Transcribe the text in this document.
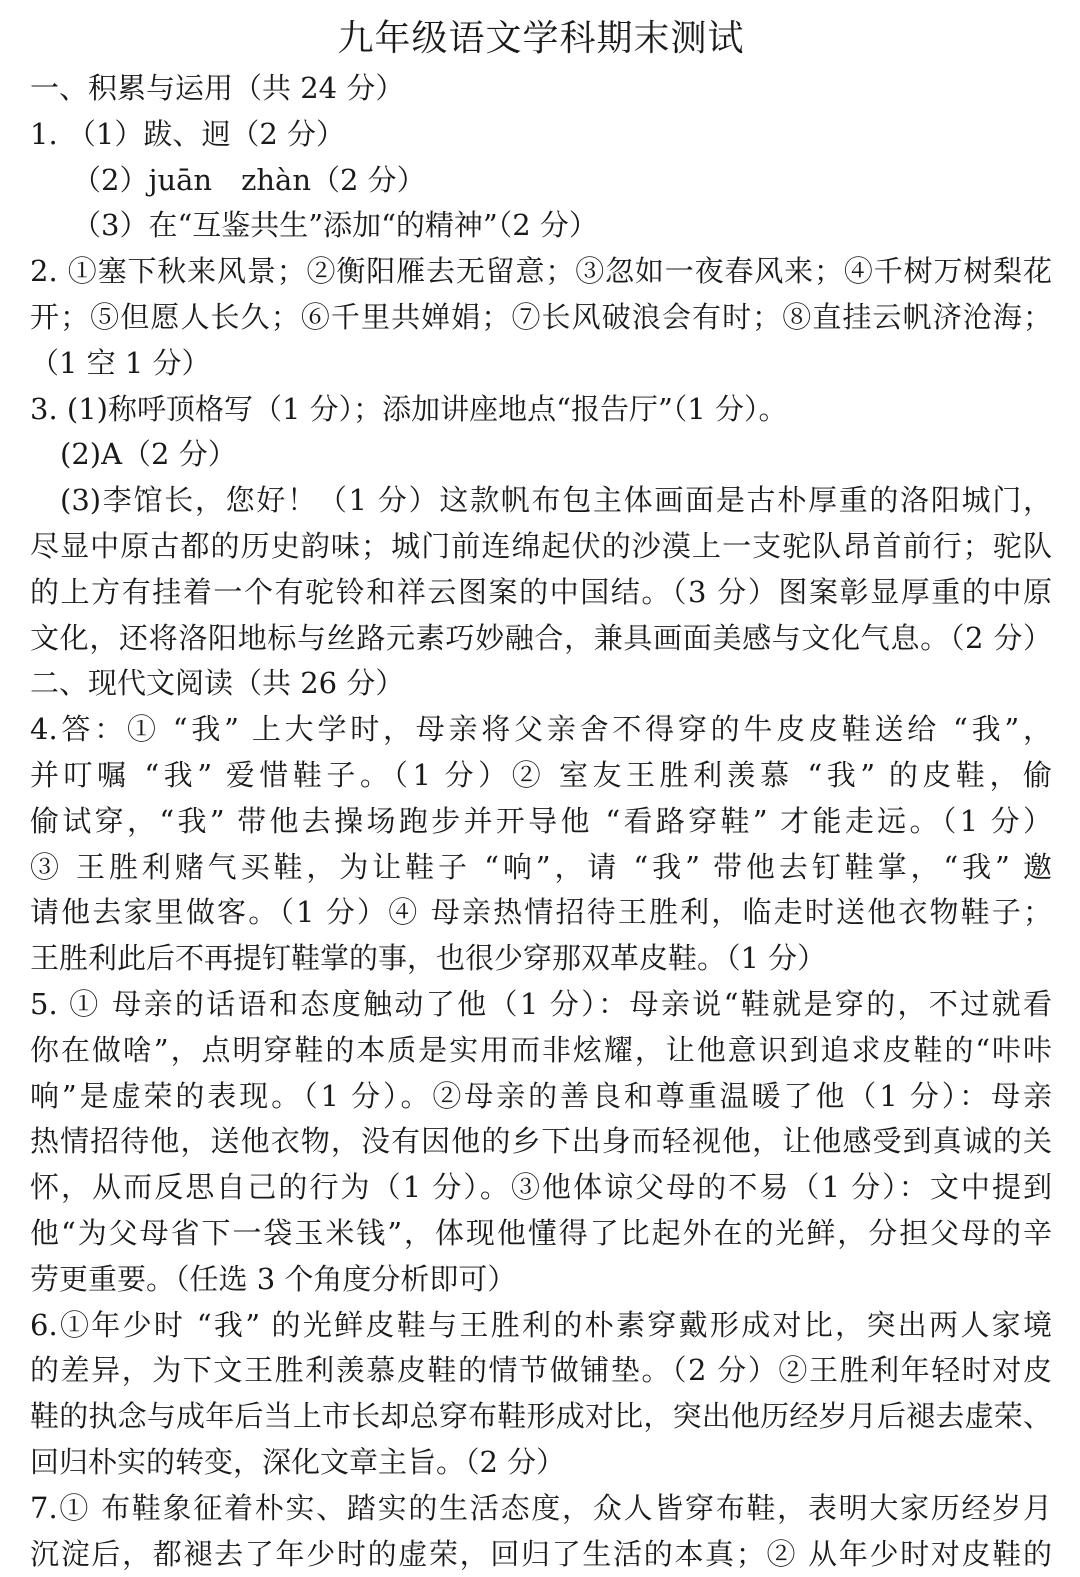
九年级语文学科期末测试
一、积累与运用（共 24 分）
1. （1）跋、迥（2 分）
（2）juān　zhàn（2 分）
（3）在“互鉴共生”添加“的精神”（2 分）
2. ①塞下秋来风景；②衡阳雁去无留意；③忽如一夜春风来；④千树万树梨花
开；⑤但愿人长久；⑥千里共婵娟；⑦长风破浪会有时；⑧直挂云帆济沧海；
（1 空 1 分）
3. (1)称呼顶格写（1 分）；添加讲座地点“报告厅”（1 分）。
(2)A（2 分）
(3)李馆长，您好！（1 分）这款帆布包主体画面是古朴厚重的洛阳城门，
尽显中原古都的历史韵味；城门前连绵起伏的沙漠上一支驼队昂首前行；驼队
的上方有挂着一个有驼铃和祥云图案的中国结。（3 分）图案彰显厚重的中原
文化，还将洛阳地标与丝路元素巧妙融合，兼具画面美感与文化气息。（2 分）
二、现代文阅读（共 26 分）
4.答：① “我” 上大学时，母亲将父亲舍不得穿的牛皮皮鞋送给 “我”，
并叮嘱 “我” 爱惜鞋子。（1 分）② 室友王胜利羡慕 “我” 的皮鞋，偷
偷试穿，“我” 带他去操场跑步并开导他 “看路穿鞋” 才能走远。（1 分）
③ 王胜利赌气买鞋，为让鞋子 “响”，请 “我” 带他去钉鞋掌，“我” 邀
请他去家里做客。（1 分）④ 母亲热情招待王胜利，临走时送他衣物鞋子；
王胜利此后不再提钉鞋掌的事，也很少穿那双革皮鞋。（1 分）
5. ① 母亲的话语和态度触动了他（1 分）：母亲说“鞋就是穿的，不过就看
你在做啥”，点明穿鞋的本质是实用而非炫耀，让他意识到追求皮鞋的“咔咔
响”是虚荣的表现。（1 分）。②母亲的善良和尊重温暖了他（1 分）：母亲
热情招待他，送他衣物，没有因他的乡下出身而轻视他，让他感受到真诚的关
怀，从而反思自己的行为（1 分）。③他体谅父母的不易（1 分）：文中提到
他“为父母省下一袋玉米钱”，体现他懂得了比起外在的光鲜，分担父母的辛
劳更重要。（任选 3 个角度分析即可）
6.①年少时 “我” 的光鲜皮鞋与王胜利的朴素穿戴形成对比，突出两人家境
的差异，为下文王胜利羡慕皮鞋的情节做铺垫。（2 分）②王胜利年轻时对皮
鞋的执念与成年后当上市长却总穿布鞋形成对比，突出他历经岁月后褪去虚荣、
回归朴实的转变，深化文章主旨。（2 分）
7.① 布鞋象征着朴实、踏实的生活态度，众人皆穿布鞋，表明大家历经岁月
沉淀后，都褪去了年少时的虚荣，回归了生活的本真；② 从年少时对皮鞋的
